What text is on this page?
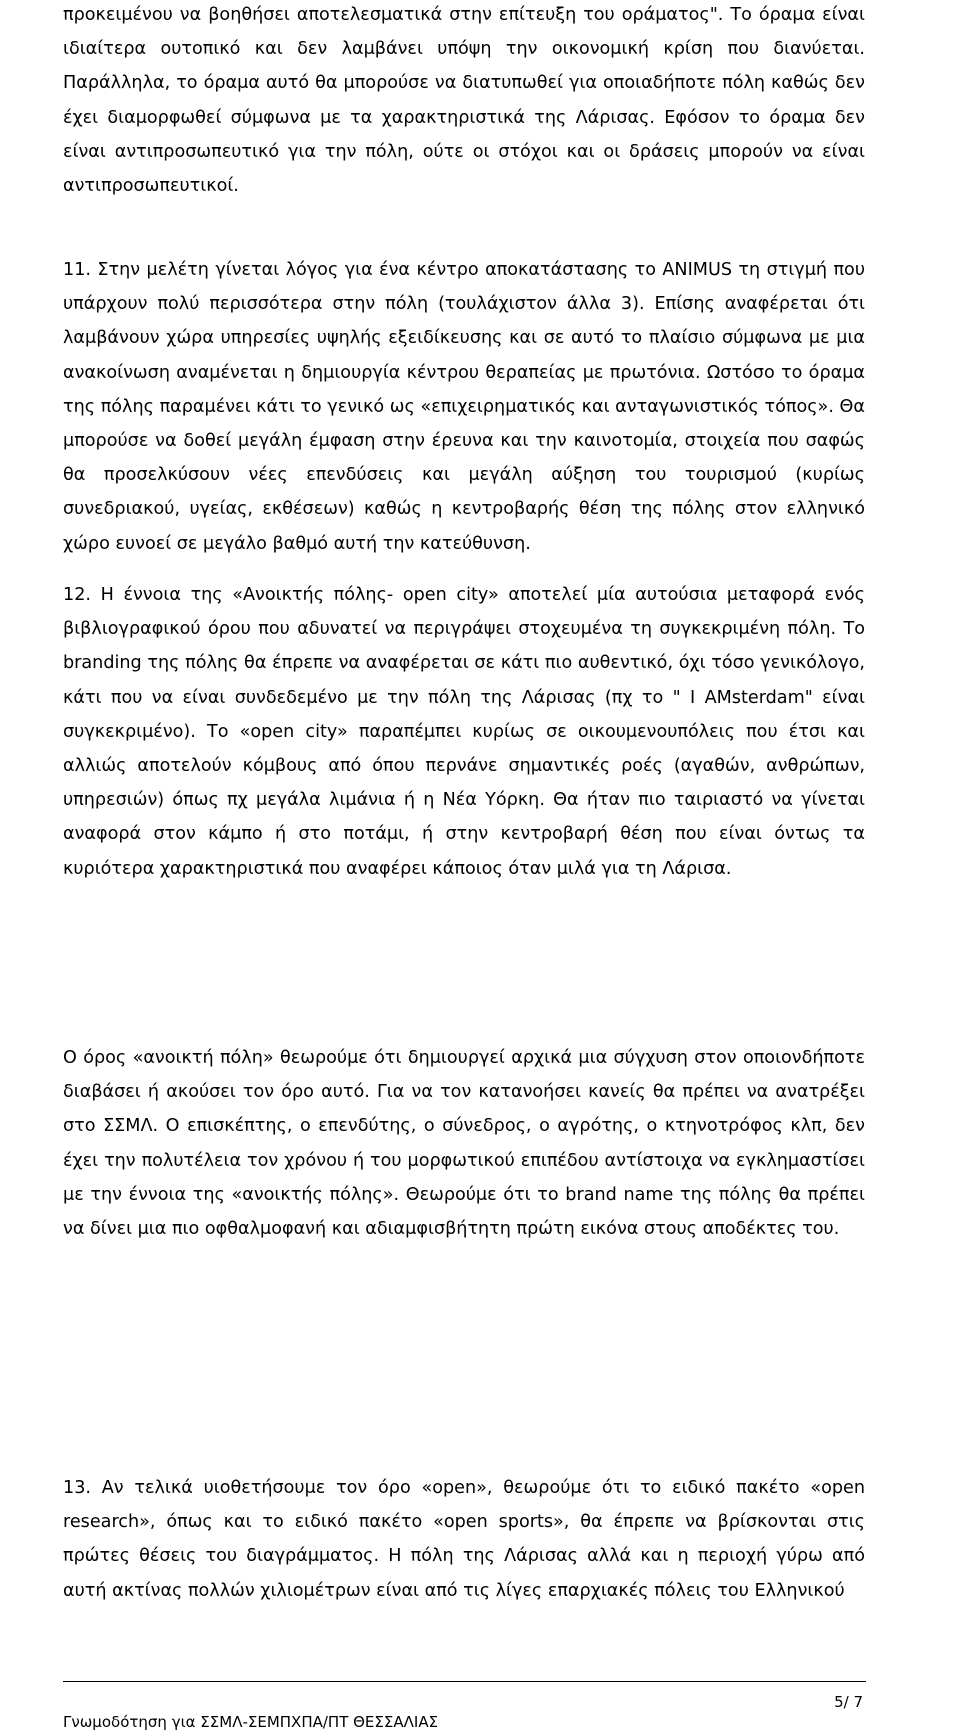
προκειμένου να βοηθήσει αποτελεσματικά στην επίτευξη του οράματος". Το όραμα είναι ιδιαίτερα ουτοπικό και δεν λαμβάνει υπόψη την οικονομική κρίση που διανύεται. Παράλληλα, το όραμα αυτό θα μπορούσε να διατυπωθεί για οποιαδήποτε πόλη καθώς δεν έχει διαμορφωθεί σύμφωνα με τα χαρακτηριστικά της Λάρισας. Εφόσον το όραμα δεν είναι αντιπροσωπευτικό για την πόλη, ούτε οι στόχοι και οι δράσεις μπορούν να είναι αντιπροσωπευτικοί.

11. Στην μελέτη γίνεται λόγος για ένα κέντρο αποκατάστασης το ANIMUS τη στιγμή που υπάρχουν πολύ περισσότερα στην πόλη (τουλάχιστον άλλα 3). Επίσης αναφέρεται ότι λαμβάνουν χώρα υπηρεσίες υψηλής εξειδίκευσης και σε αυτό το πλαίσιο σύμφωνα με μια ανακοίνωση αναμένεται η δημιουργία κέντρου θεραπείας με πρωτόνια. Ωστόσο το όραμα της πόλης παραμένει κάτι το γενικό ως «επιχειρηματικός και ανταγωνιστικός τόπος». Θα μπορούσε να δοθεί μεγάλη έμφαση στην έρευνα και την καινοτομία, στοιχεία που σαφώς θα προσελκύσουν νέες επενδύσεις και μεγάλη αύξηση του τουρισμού (κυρίως συνεδριακού, υγείας, εκθέσεων) καθώς η κεντροβαρής θέση της πόλης στον ελληνικό χώρο ευνοεί σε μεγάλο βαθμό αυτή την κατεύθυνση.

12. Η έννοια της «Ανοικτής πόλης- open city» αποτελεί μία αυτούσια μεταφορά ενός βιβλιογραφικού όρου που αδυνατεί να περιγράψει στοχευμένα τη συγκεκριμένη πόλη. Το branding της πόλης θα έπρεπε να αναφέρεται σε κάτι πιο αυθεντικό, όχι τόσο γενικόλογο, κάτι που να είναι συνδεδεμένο με την πόλη της Λάρισας (πχ το " I AMsterdam" είναι συγκεκριμένο). Το «open city» παραπέμπει κυρίως σε οικουμενουπόλεις που έτσι και αλλιώς αποτελούν κόμβους από όπου περνάνε σημαντικές ροές (αγαθών, ανθρώπων, υπηρεσιών) όπως πχ μεγάλα λιμάνια ή η Νέα Υόρκη. Θα ήταν πιο ταιριαστό να γίνεται αναφορά στον κάμπο ή στο ποτάμι, ή στην κεντροβαρή θέση που είναι όντως τα κυριότερα χαρακτηριστικά που αναφέρει κάποιος όταν μιλά για τη Λάρισα.

Ο όρος «ανοικτή πόλη» θεωρούμε ότι δημιουργεί αρχικά μια σύγχυση στον οποιονδήποτε διαβάσει ή ακούσει τον όρο αυτό. Για να τον κατανοήσει κανείς θα πρέπει να ανατρέξει στο ΣΣΜΛ. Ο επισκέπτης, ο επενδύτης, ο σύνεδρος, ο αγρότης, ο κτηνοτρόφος κλπ, δεν έχει την πολυτέλεια τον χρόνου ή του μορφωτικού επιπέδου αντίστοιχα να εγκλημαστίσει με την έννοια της «ανοικτής πόλης». Θεωρούμε ότι το brand name της πόλης θα πρέπει να δίνει μια πιο οφθαλμοφανή και αδιαμφισβήτητη πρώτη εικόνα στους αποδέκτες του.

13. Αν τελικά υιοθετήσουμε τον όρο «open», θεωρούμε ότι το ειδικό πακέτο «open research», όπως και το ειδικό πακέτο «open sports», θα έπρεπε να βρίσκονται στις πρώτες θέσεις του διαγράμματος. Η πόλη της Λάρισας αλλά και η περιοχή γύρω από αυτή ακτίνας πολλών χιλιομέτρων είναι από τις λίγες επαρχιακές πόλεις του Ελληνικού

5/ 7
Γνωμοδότηση για ΣΣΜΛ-ΣΕΜΠΧΠΑ/ΠΤ ΘΕΣΣΑΛΙΑΣ
